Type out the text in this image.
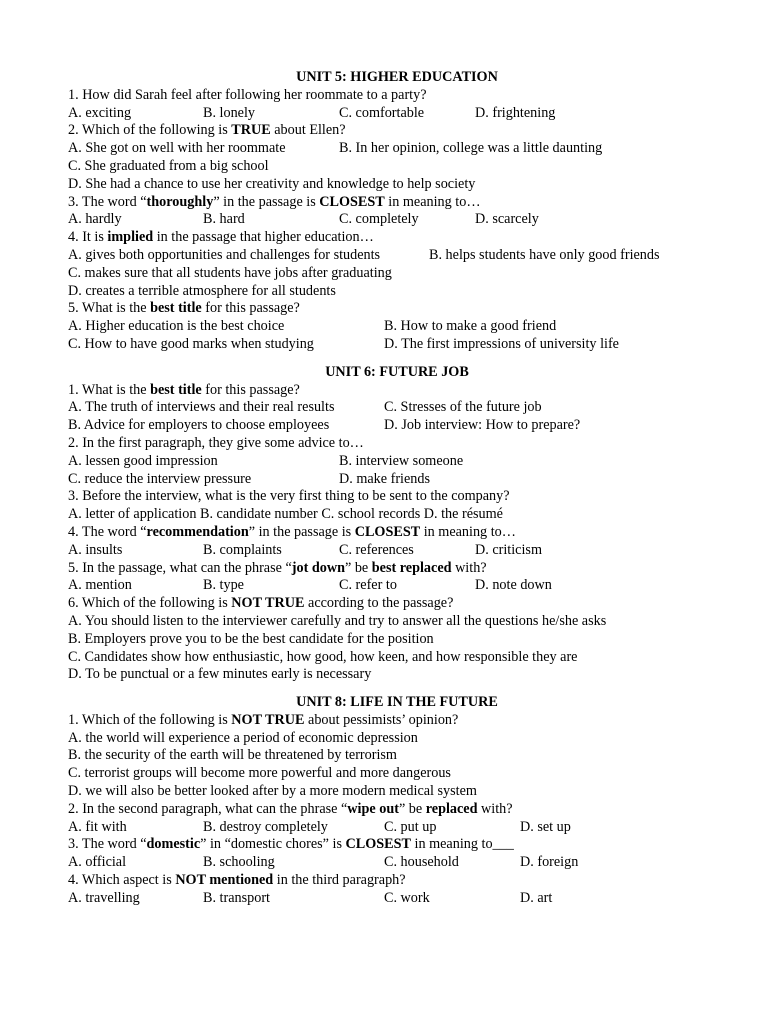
UNIT 5: HIGHER EDUCATION
1. How did Sarah feel after following her roommate to a party?
A. exciting	B. lonely	C. comfortable	D. frightening
2. Which of the following is TRUE about Ellen?
A. She got on well with her roommate	B. In her opinion, college was a little daunting
C. She graduated from a big school
D. She had a chance to use her creativity and knowledge to help society
3. The word “thoroughly” in the passage is CLOSEST in meaning to…
A. hardly	B. hard	C. completely	D. scarcely
4. It is implied in the passage that higher education…
A. gives both opportunities and challenges for students	B. helps students have only good friends
C. makes sure that all students have jobs after graduating
D. creates a terrible atmosphere for all students
5. What is the best title for this passage?
A. Higher education is the best choice	B. How to make a good friend
C. How to have good marks when studying	D. The first impressions of university life
UNIT 6: FUTURE JOB
1. What is the best title for this passage?
A. The truth of interviews and their real results	C. Stresses of the future job
B. Advice for employers to choose employees	D. Job interview: How to prepare?
2. In the first paragraph, they give some advice to…
A. lessen good impression	B. interview someone
C. reduce the interview pressure	D. make friends
3. Before the interview, what is the very first thing to be sent to the company?
A. letter of application B. candidate number C. school records D. the résumé
4. The word “recommendation” in the passage is CLOSEST in meaning to…
A. insults	B. complaints	C. references	D. criticism
5. In the passage, what can the phrase “jot down” be best replaced with?
A. mention	B. type	C. refer to	D. note down
6. Which of the following is NOT TRUE according to the passage?
A. You should listen to the interviewer carefully and try to answer all the questions he/she asks
B. Employers prove you to be the best candidate for the position
C. Candidates show how enthusiastic, how good, how keen, and how responsible they are
D. To be punctual or a few minutes early is necessary
UNIT 8: LIFE IN THE FUTURE
1. Which of the following is NOT TRUE about pessimists’ opinion?
A. the world will experience a period of economic depression
B. the security of the earth will be threatened by terrorism
C. terrorist groups will become more powerful and more dangerous
D. we will also be better looked after by a more modern medical system
2. In the second paragraph, what can the phrase “wipe out” be replaced with?
A. fit with	B. destroy completely	C. put up	D. set up
3. The word “domestic” in “domestic chores” is CLOSEST in meaning to___
A. official	B. schooling	C. household	D. foreign
4. Which aspect is NOT mentioned in the third paragraph?
A. travelling	B. transport	C. work	D. art
